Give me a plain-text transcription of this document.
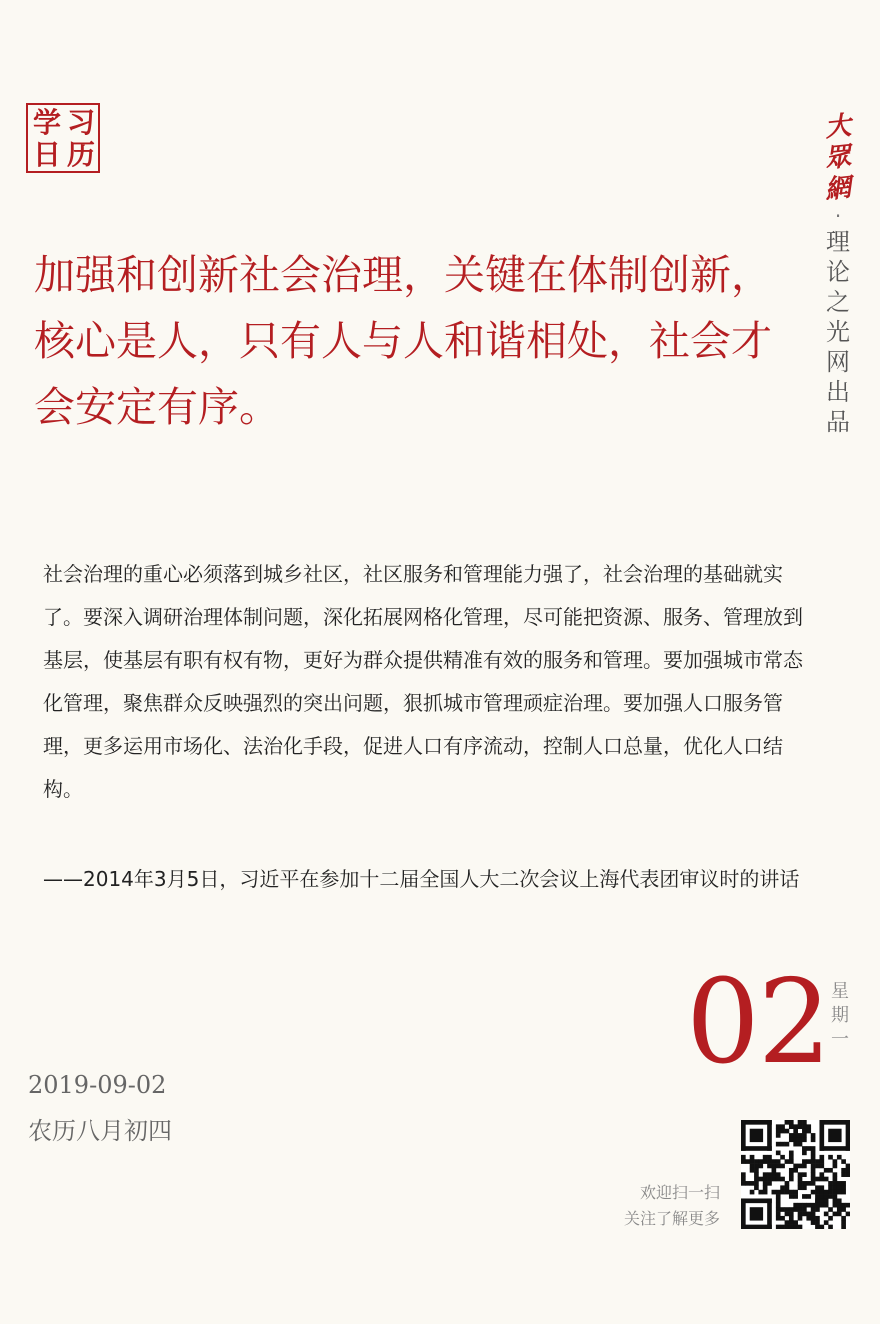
学 习
日 历
大
眾
網
·
理
论
之
光
网
出
品
加强和创新社会治理，关键在体制创新，核心是人，只有人与人和谐相处，社会才会安定有序。

社会治理的重心必须落到城乡社区，社区服务和管理能力强了，社会治理的基础就实了。要深入调研治理体制问题，深化拓展网格化管理，尽可能把资源、服务、管理放到基层，使基层有职有权有物，更好为群众提供精准有效的服务和管理。要加强城市常态化管理，聚焦群众反映强烈的突出问题，狠抓城市管理顽症治理。要加强人口服务管理，更多运用市场化、法治化手段，促进人口有序流动，控制人口总量，优化人口结构。

——2014年3月5日，习近平在参加十二届全国人大二次会议上海代表团审议时的讲话

02 星
期
一
2019-09-02
农历八月初四
欢迎扫一扫
关注了解更多
